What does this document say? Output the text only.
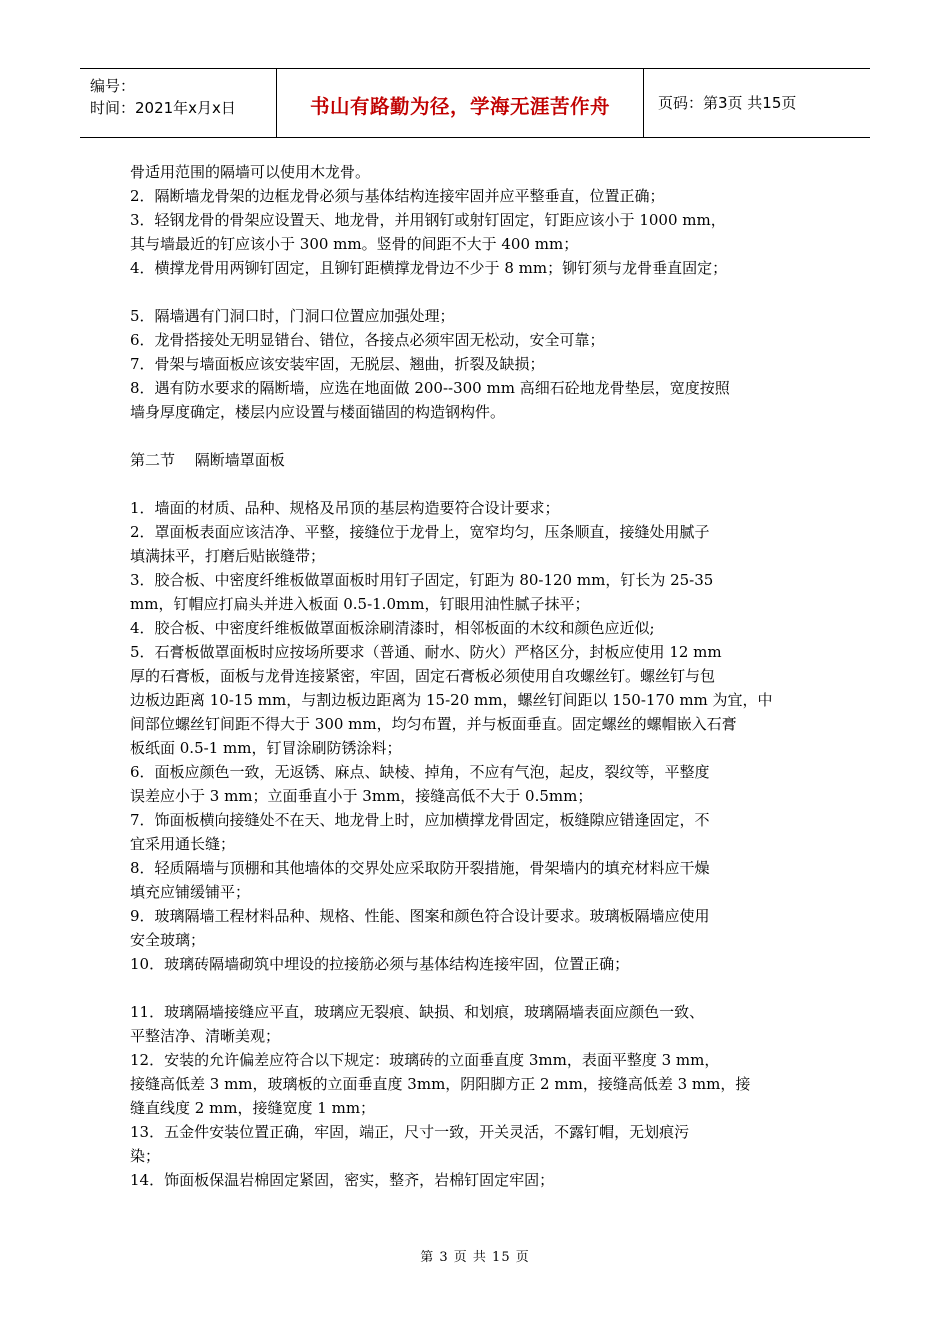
编号：
时间：2021年x月x日	书山有路勤为径，学海无涯苦作舟	页码：第3页 共15页

骨适用范围的隔墙可以使用木龙骨。

2．隔断墙龙骨架的边框龙骨必须与基体结构连接牢固并应平整垂直，位置正确；

3．轻钢龙骨的骨架应设置天、地龙骨，并用钢钉或射钉固定，钉距应该小于 1000 mm，

其与墙最近的钉应该小于 300 mm。竖骨的间距不大于 400 mm；

4．横撑龙骨用两铆钉固定，且铆钉距横撑龙骨边不少于 8 mm；铆钉须与龙骨垂直固定；

5．隔墙遇有门洞口时，门洞口位置应加强处理；

6．龙骨搭接处无明显错台、错位，各接点必须牢固无松动，安全可靠；

7．骨架与墙面板应该安装牢固，无脱层、翘曲，折裂及缺损；

8．遇有防水要求的隔断墙，应选在地面做 200--300 mm 高细石砼地龙骨垫层，宽度按照

墙身厚度确定，楼层内应设置与楼面锚固的构造钢构件。

第二节　 隔断墙罩面板

1．墙面的材质、品种、规格及吊顶的基层构造要符合设计要求；

2．罩面板表面应该洁净、平整，接缝位于龙骨上，宽窄均匀，压条顺直，接缝处用腻子

填满抹平，打磨后贴嵌缝带；

3．胶合板、中密度纤维板做罩面板时用钉子固定，钉距为 80-120 mm，钉长为 25-35

mm，钉帽应打扁头并进入板面 0.5-1.0mm，钉眼用油性腻子抹平；

4．胶合板、中密度纤维板做罩面板涂刷清漆时，相邻板面的木纹和颜色应近似;

5．石膏板做罩面板时应按场所要求（普通、耐水、防火）严格区分，封板应使用 12 mm

厚的石膏板，面板与龙骨连接紧密，牢固，固定石膏板必须使用自攻螺丝钉。螺丝钉与包

边板边距离 10-15 mm，与割边板边距离为 15-20 mm，螺丝钉间距以 150-170 mm 为宜，中

间部位螺丝钉间距不得大于 300 mm，均匀布置，并与板面垂直。固定螺丝的螺帽嵌入石膏

板纸面 0.5-1 mm，钉冒涂刷防锈涂料；

6．面板应颜色一致，无返锈、麻点、缺棱、掉角，不应有气泡，起皮，裂纹等，平整度

误差应小于 3 mm；立面垂直小于 3mm，接缝高低不大于 0.5mm；

7．饰面板横向接缝处不在天、地龙骨上时，应加横撑龙骨固定，板缝隙应错逢固定，不

宜采用通长缝；

8．轻质隔墙与顶棚和其他墙体的交界处应采取防开裂措施，骨架墙内的填充材料应干燥

填充应铺缓铺平；

9．玻璃隔墙工程材料品种、规格、性能、图案和颜色符合设计要求。玻璃板隔墙应使用

安全玻璃；

10．玻璃砖隔墙砌筑中埋设的拉接筋必须与基体结构连接牢固，位置正确；

11．玻璃隔墙接缝应平直，玻璃应无裂痕、缺损、和划痕，玻璃隔墙表面应颜色一致、

平整洁净、清晰美观；

12．安装的允许偏差应符合以下规定：玻璃砖的立面垂直度 3mm，表面平整度 3 mm，

接缝高低差 3 mm，玻璃板的立面垂直度 3mm，阴阳脚方正 2 mm，接缝高低差 3 mm，接

缝直线度 2 mm，接缝宽度 1 mm；

13．五金件安装位置正确，牢固，端正，尺寸一致，开关灵活，不露钉帽，无划痕污

染；

14．饰面板保温岩棉固定紧固，密实，整齐，岩棉钉固定牢固；

第 3 页 共 15 页
